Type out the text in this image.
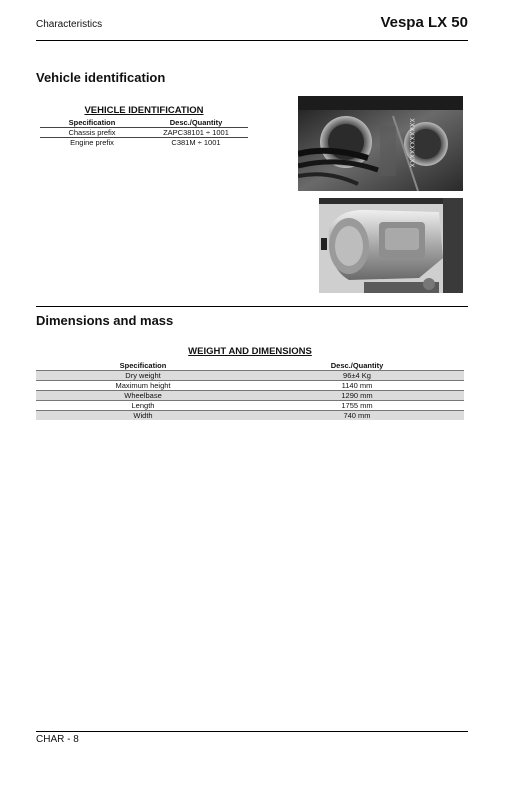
Characteristics	Vespa LX 50
Vehicle identification
VEHICLE IDENTIFICATION
Specification	Desc./Quantity
Chassis prefix	ZAPC38101 ÷ 1001
Engine prefix	C381M ÷ 1001	XXXXXXXXXXX
Dimensions and mass
WEIGHT AND DIMENSIONS
Specification	Desc./Quantity
Dry weight	96±4 Kg
Maximum height	1140 mm
Wheelbase	1290 mm
Length	1755 mm
Width	740 mm
CHAR - 8
